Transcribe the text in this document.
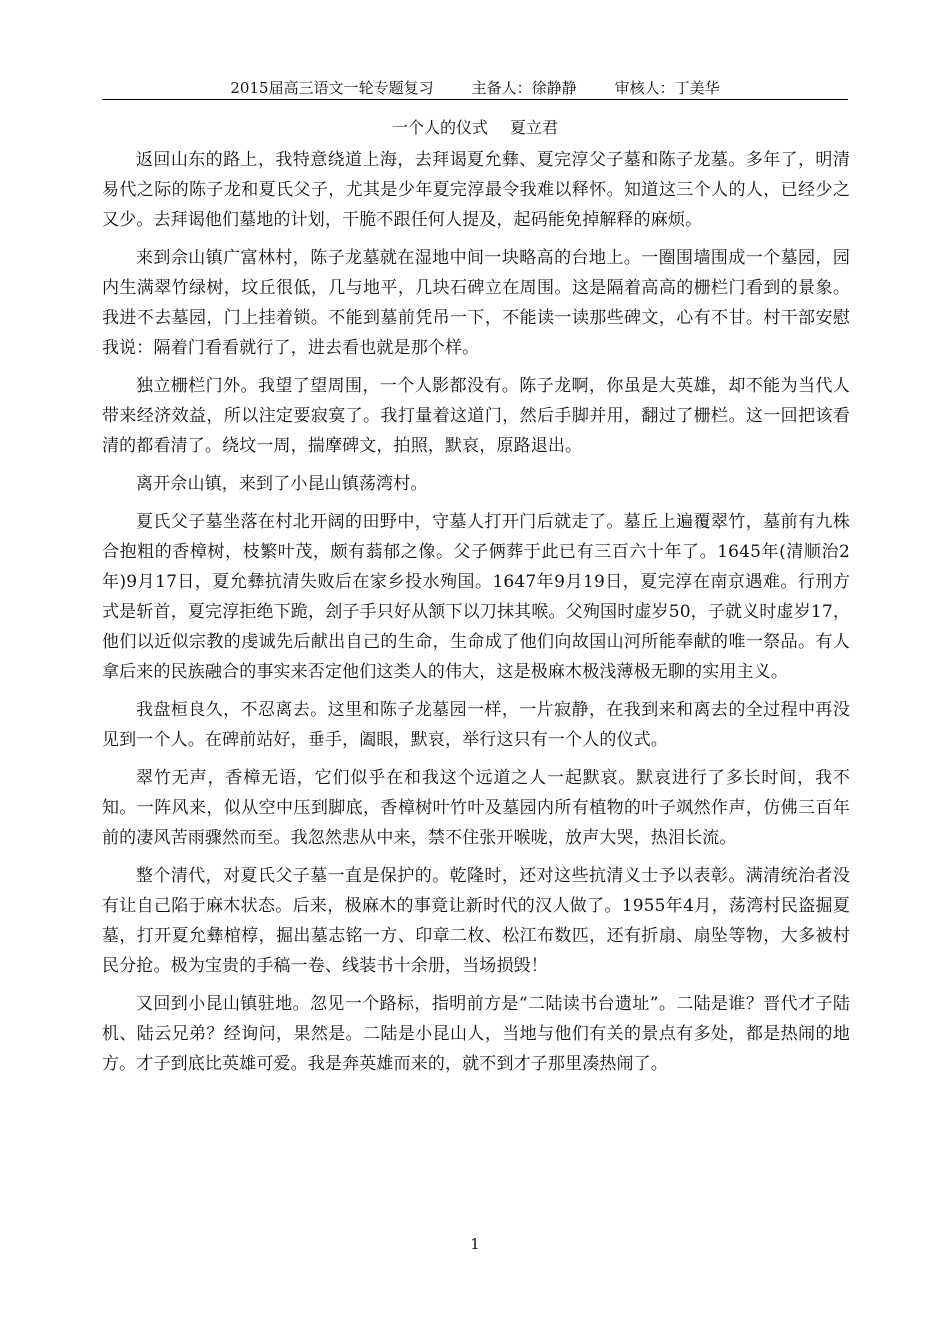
2015届高三语文一轮专题复习	主备人：徐静静	审核人：丁美华
一个人的仪式 夏立君

返回山东的路上，我特意绕道上海，去拜谒夏允彝、夏完淳父子墓和陈子龙墓。多年了，明清易代之际的陈子龙和夏氏父子，尤其是少年夏完淳最令我难以释怀。知道这三个人的人，已经少之又少。去拜谒他们墓地的计划，干脆不跟任何人提及，起码能免掉解释的麻烦。

来到佘山镇广富林村，陈子龙墓就在湿地中间一块略高的台地上。一圈围墙围成一个墓园，园内生满翠竹绿树，坟丘很低，几与地平，几块石碑立在周围。这是隔着高高的栅栏门看到的景象。我进不去墓园，门上挂着锁。不能到墓前凭吊一下，不能读一读那些碑文，心有不甘。村干部安慰我说：隔着门看看就行了，进去看也就是那个样。

独立栅栏门外。我望了望周围，一个人影都没有。陈子龙啊，你虽是大英雄，却不能为当代人带来经济效益，所以注定要寂寞了。我打量着这道门，然后手脚并用，翻过了栅栏。这一回把该看清的都看清了。绕坟一周，揣摩碑文，拍照，默哀，原路退出。

离开佘山镇，来到了小昆山镇荡湾村。

夏氏父子墓坐落在村北开阔的田野中，守墓人打开门后就走了。墓丘上遍覆翠竹，墓前有九株合抱粗的香樟树，枝繁叶茂，颇有蓊郁之像。父子俩葬于此已有三百六十年了。1645年(清顺治2年)9月17日，夏允彝抗清失败后在家乡投水殉国。1647年9月19日，夏完淳在南京遇难。行刑方式是斩首，夏完淳拒绝下跪，刽子手只好从颔下以刀抹其喉。父殉国时虚岁50，子就义时虚岁17，他们以近似宗教的虔诚先后献出自己的生命，生命成了他们向故国山河所能奉献的唯一祭品。有人拿后来的民族融合的事实来否定他们这类人的伟大，这是极麻木极浅薄极无聊的实用主义。

我盘桓良久，不忍离去。这里和陈子龙墓园一样，一片寂静，在我到来和离去的全过程中再没见到一个人。在碑前站好，垂手，阖眼，默哀，举行这只有一个人的仪式。

翠竹无声，香樟无语，它们似乎在和我这个远道之人一起默哀。默哀进行了多长时间，我不知。一阵风来，似从空中压到脚底，香樟树叶竹叶及墓园内所有植物的叶子飒然作声，仿佛三百年前的凄风苦雨骤然而至。我忽然悲从中来，禁不住张开喉咙，放声大哭，热泪长流。

整个清代，对夏氏父子墓一直是保护的。乾隆时，还对这些抗清义士予以表彰。满清统治者没有让自己陷于麻木状态。后来，极麻木的事竟让新时代的汉人做了。1955年4月，荡湾村民盗掘夏墓，打开夏允彝棺椁，掘出墓志铭一方、印章二枚、松江布数匹，还有折扇、扇坠等物，大多被村民分抢。极为宝贵的手稿一卷、线装书十余册，当场损毁！

又回到小昆山镇驻地。忽见一个路标，指明前方是“二陆读书台遗址”。二陆是谁？晋代才子陆机、陆云兄弟？经询问，果然是。二陆是小昆山人，当地与他们有关的景点有多处，都是热闹的地方。才子到底比英雄可爱。我是奔英雄而来的，就不到才子那里凑热闹了。

1
